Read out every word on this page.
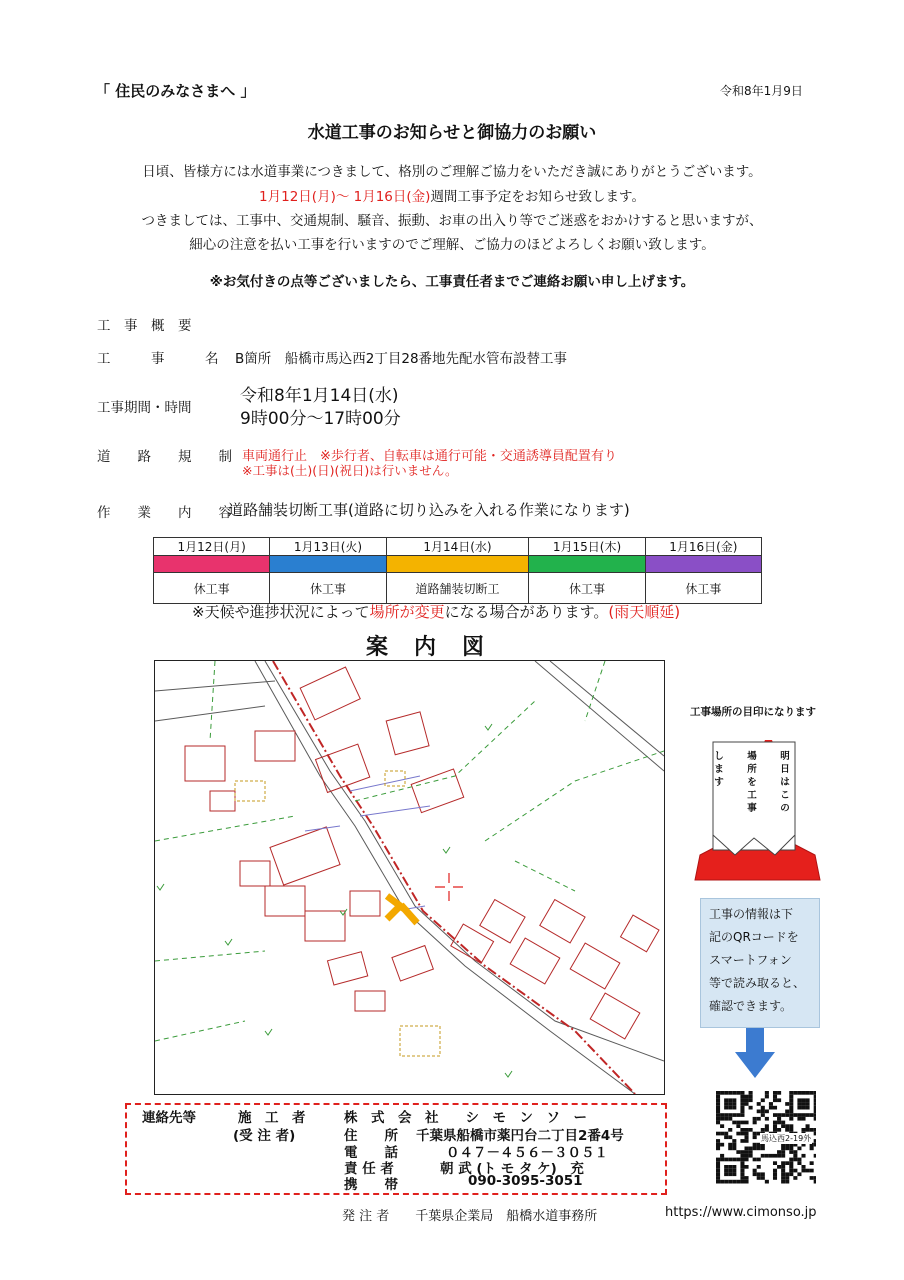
「 住民のみなさまへ 」	令和8年1月9日
水道工事のお知らせと御協力のお願い
日頃、皆様方には水道事業につきまして、格別のご理解ご協力をいただき誠にありがとうございます。
1月12日(月)～ 1月16日(金)週間工事予定をお知らせ致します。
つきましては、工事中、交通規制、騒音、振動、お車の出入り等でご迷惑をおかけすると思いますが、
細心の注意を払い工事を行いますのでご理解、ご協力のほどよろしくお願い致します。
※お気付きの点等ございましたら、工事責任者までご連絡お願い申し上げます。
工　事　概　要
工　　　事　　　名 B箇所　船橋市馬込西2丁目28番地先配水管布設替工事
工事期間・時間
令和8年1月14日(水)
9時00分～17時00分
道　　路　　規　　制 車両通行止　※歩行者、自転車は通行可能・交通誘導員配置有り
※工事は(土)(日)(祝日)は行いません。
作　　業　　内　　容
道路舗装切断工事(道路に切り込みを入れる作業になります)
1月12日(月)	1月13日(火)	1月14日(水)	1月15日(木)	1月16日(金)

休工事	休工事	道路舗装切断工	休工事	休工事
※天候や進捗状況によって場所が変更になる場合があります。(雨天順延)
案　内　図
工事場所の目印になります
明日はこの
場所を工事
します
工事の情報は下
記のQRコードを
スマートフォン
等で読み取ると、
確認できます。
馬込西2-19外
連絡先等	施　工　者
(受 注 者)
株　式　会　社　　シ　モ　ン　ソ　ー
住　　所 千葉県船橋市薬円台二丁目2番4号
電　　話	０４７－４５６－３０５１
責 任 者	朝 武 (ト モ タ ケ)　充
携　　帯	090-3095-3051
発 注 者　　千葉県企業局　船橋水道事務所	https://www.cimonso.jp
